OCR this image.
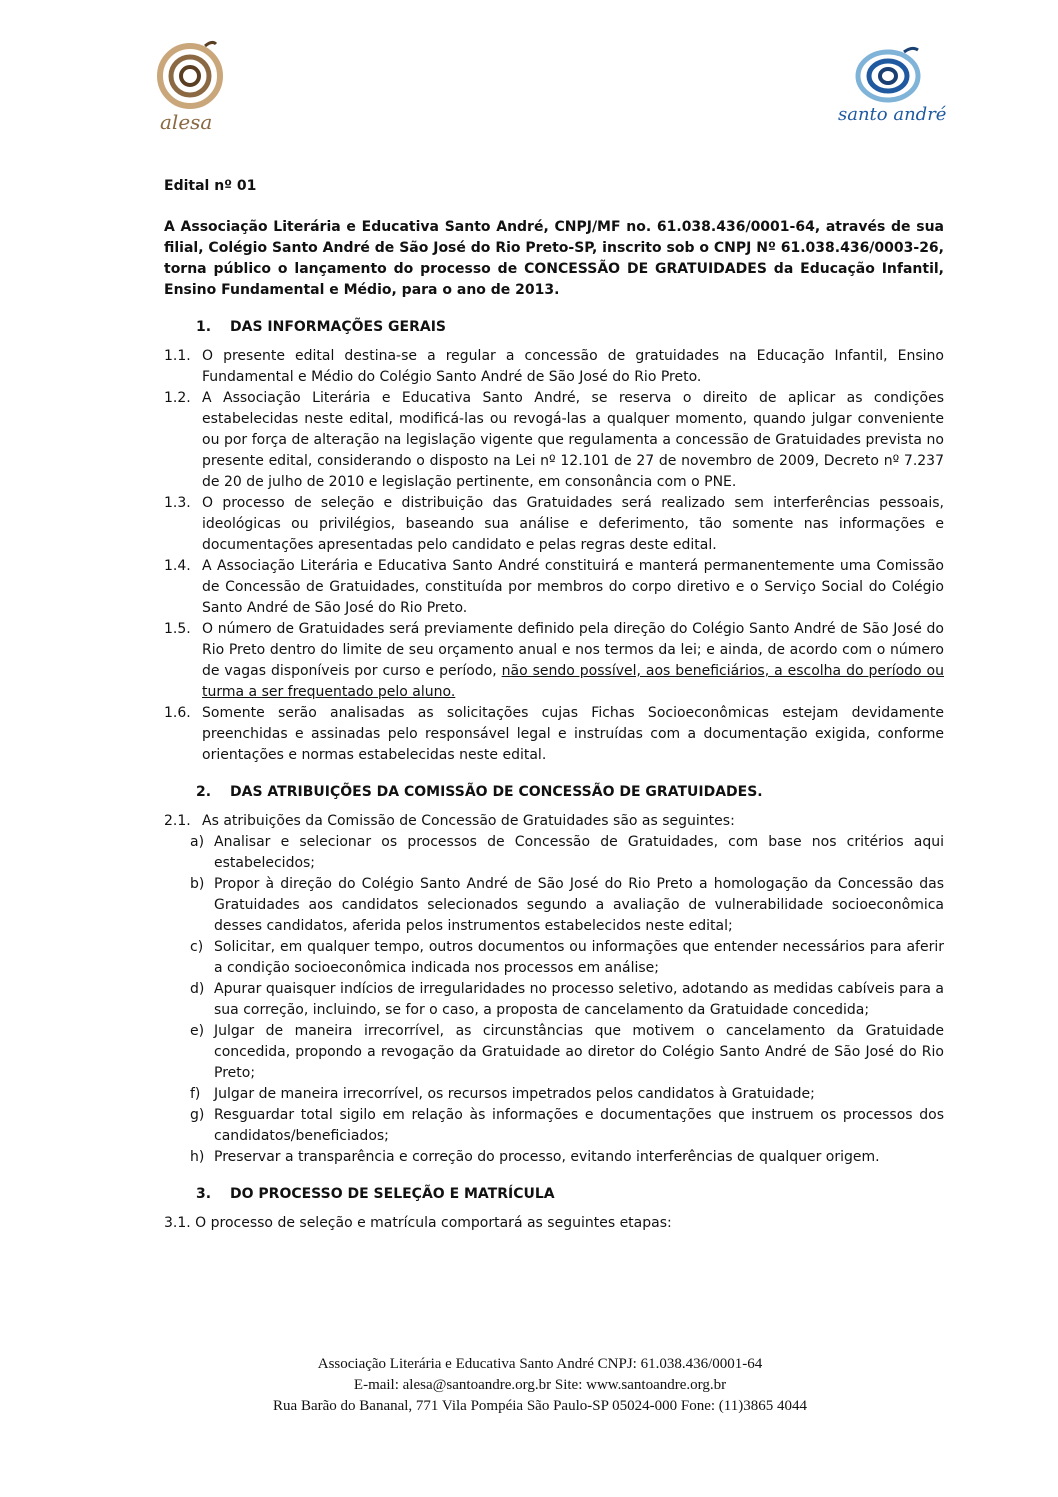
alesa	santo andré

Edital nº 01

A Associação Literária e Educativa Santo André, CNPJ/MF no. 61.038.436/0001-64, através de sua filial, Colégio Santo André de São José do Rio Preto-SP, inscrito sob o CNPJ Nº 61.038.436/0003-26, torna público o lançamento do processo de CONCESSÃO DE GRATUIDADES da Educação Infantil, Ensino Fundamental e Médio, para o ano de 2013.

1. DAS INFORMAÇÕES GERAIS

1.1. O presente edital destina-se a regular a concessão de gratuidades na Educação Infantil, Ensino Fundamental e Médio do Colégio Santo André de São José do Rio Preto.
1.2. A Associação Literária e Educativa Santo André, se reserva o direito de aplicar as condições estabelecidas neste edital, modificá-las ou revogá-las a qualquer momento, quando julgar conveniente ou por força de alteração na legislação vigente que regulamenta a concessão de Gratuidades prevista no presente edital, considerando o disposto na Lei nº 12.101 de 27 de novembro de 2009, Decreto nº 7.237 de 20 de julho de 2010 e legislação pertinente, em consonância com o PNE.
1.3. O processo de seleção e distribuição das Gratuidades será realizado sem interferências pessoais, ideológicas ou privilégios, baseando sua análise e deferimento, tão somente nas informações e documentações apresentadas pelo candidato e pelas regras deste edital.
1.4. A Associação Literária e Educativa Santo André constituirá e manterá permanentemente uma Comissão de Concessão de Gratuidades, constituída por membros do corpo diretivo e o Serviço Social do Colégio Santo André de São José do Rio Preto.
1.5. O número de Gratuidades será previamente definido pela direção do Colégio Santo André de São José do Rio Preto dentro do limite de seu orçamento anual e nos termos da lei; e ainda, de acordo com o número de vagas disponíveis por curso e período, não sendo possível, aos beneficiários, a escolha do período ou turma a ser frequentado pelo aluno.
1.6. Somente serão analisadas as solicitações cujas Fichas Socioeconômicas estejam devidamente preenchidas e assinadas pelo responsável legal e instruídas com a documentação exigida, conforme orientações e normas estabelecidas neste edital.

2. DAS ATRIBUIÇÕES DA COMISSÃO DE CONCESSÃO DE GRATUIDADES.

2.1. As atribuições da Comissão de Concessão de Gratuidades são as seguintes:
a) Analisar e selecionar os processos de Concessão de Gratuidades, com base nos critérios aqui estabelecidos;
b) Propor à direção do Colégio Santo André de São José do Rio Preto a homologação da Concessão das Gratuidades aos candidatos selecionados segundo a avaliação de vulnerabilidade socioeconômica desses candidatos, aferida pelos instrumentos estabelecidos neste edital;
c) Solicitar, em qualquer tempo, outros documentos ou informações que entender necessários para aferir a condição socioeconômica indicada nos processos em análise;
d) Apurar quaisquer indícios de irregularidades no processo seletivo, adotando as medidas cabíveis para a sua correção, incluindo, se for o caso, a proposta de cancelamento da Gratuidade concedida;
e) Julgar de maneira irrecorrível, as circunstâncias que motivem o cancelamento da Gratuidade concedida, propondo a revogação da Gratuidade ao diretor do Colégio Santo André de São José do Rio Preto;
f) Julgar de maneira irrecorrível, os recursos impetrados pelos candidatos à Gratuidade;
g) Resguardar total sigilo em relação às informações e documentações que instruem os processos dos candidatos/beneficiados;
h) Preservar a transparência e correção do processo, evitando interferências de qualquer origem.

3. DO PROCESSO DE SELEÇÃO E MATRÍCULA

3.1. O processo de seleção e matrícula comportará as seguintes etapas:

Associação Literária e Educativa Santo André CNPJ: 61.038.436/0001-64
E-mail: alesa@santoandre.org.br Site: www.santoandre.org.br
Rua Barão do Bananal, 771 Vila Pompéia São Paulo-SP 05024-000 Fone: (11)3865 4044
